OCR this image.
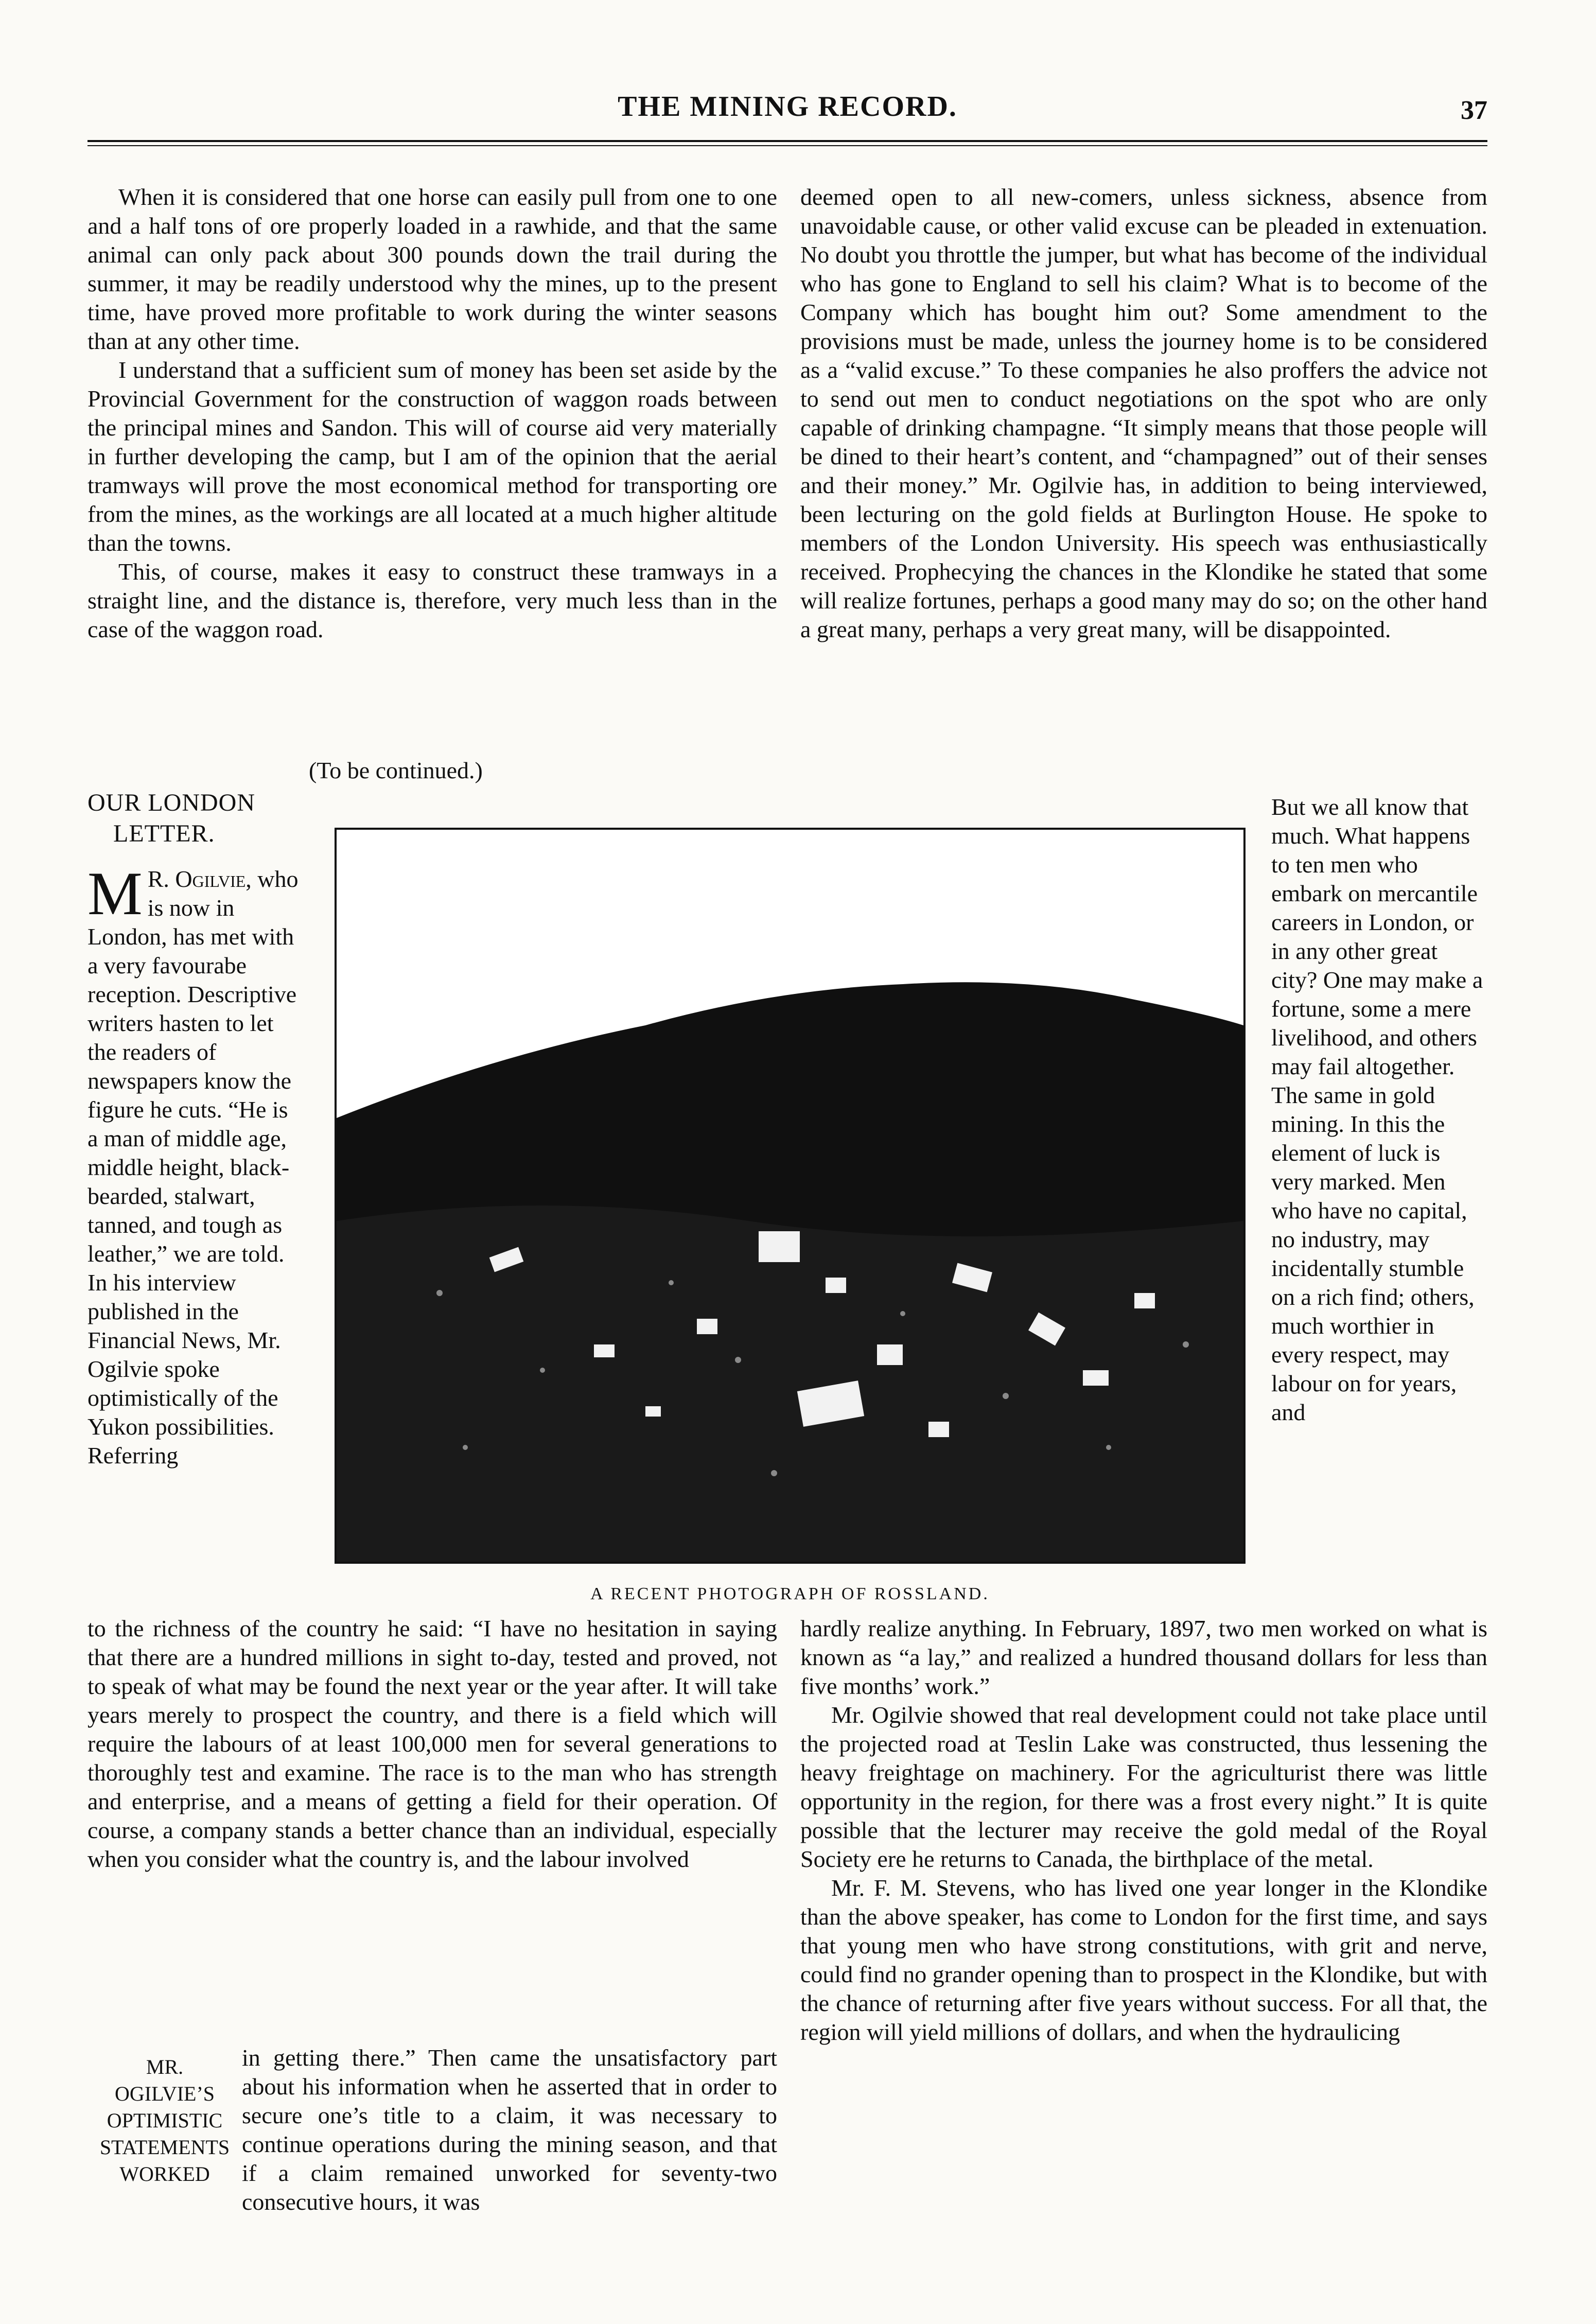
THE MINING RECORD.	37

When it is considered that one horse can easily pull from one to one and a half tons of ore properly loaded in a rawhide, and that the same animal can only pack about 300 pounds down the trail during the summer, it may be readily understood why the mines, up to the present time, have proved more profitable to work during the winter seasons than at any other time.

I understand that a sufficient sum of money has been set aside by the Provincial Government for the construction of waggon roads between the principal mines and Sandon. This will of course aid very materially in further developing the camp, but I am of the opinion that the aerial tramways will prove the most economical method for transporting ore from the mines, as the workings are all located at a much higher altitude than the towns.

This, of course, makes it easy to construct these tramways in a straight line, and the distance is, therefore, very much less than in the case of the waggon road.

(To be continued.)

deemed open to all new-comers, unless sickness, absence from unavoidable cause, or other valid excuse can be pleaded in extenuation. No doubt you throttle the jumper, but what has become of the individual who has gone to England to sell his claim? What is to become of the Company which has bought him out? Some amendment to the provisions must be made, unless the journey home is to be considered as a “valid excuse.” To these companies he also proffers the advice not to send out men to conduct negotiations on the spot who are only capable of drinking champagne. “It simply means that those people will be dined to their heart’s content, and “champagned” out of their senses and their money.” Mr. Ogilvie has, in addition to being interviewed, been lecturing on the gold fields at Burlington House. He spoke to members of the London University. His speech was enthusiastically received. Prophecying the chances in the Klondike he stated that some will realize fortunes, perhaps a good many may do so; on the other hand a great many, perhaps a very great many, will be disappointed.

OUR LONDON
LETTER.
M R. Ogilvie, who is now in London, has met with a very favourabe reception. Descriptive writers hasten to let the readers of newspapers know the figure he cuts. “He is a man of middle age, middle height, black-bearded, stalwart, tanned, and tough as leather,” we are told. In his interview published in the Financial News, Mr. Ogilvie spoke optimistically of the Yukon possibilities. Referring
A RECENT PHOTOGRAPH OF ROSSLAND.

But we all know that much. What happens to ten men who embark on mercantile careers in London, or in any other great city? One may make a fortune, some a mere livelihood, and others may fail altogether. The same in gold mining. In this the element of luck is very marked. Men who have no capital, no industry, may incidentally stumble on a rich find; others, much worthier in every respect, may labour on for years, and

to the richness of the country he said: “I have no hesitation in saying that there are a hundred millions in sight to-day, tested and proved, not to speak of what may be found the next year or the year after. It will take years merely to prospect the country, and there is a field which will require the labours of at least 100,000 men for several generations to thoroughly test and examine. The race is to the man who has strength and enterprise, and a means of getting a field for their operation. Of course, a company stands a better chance than an individual, especially when you consider what the country is, and the labour involved

MR.
OGILVIE’S
OPTIMISTIC
STATEMENTS
WORKED
in getting there.” Then came the unsatisfactory part about his information when he asserted that in order to secure one’s title to a claim, it was necessary to continue operations during the mining season, and that if a claim remained unworked for seventy-two consecutive hours, it was

hardly realize anything. In February, 1897, two men worked on what is known as “a lay,” and realized a hundred thousand dollars for less than five months’ work.”

Mr. Ogilvie showed that real development could not take place until the projected road at Teslin Lake was constructed, thus lessening the heavy freightage on machinery. For the agriculturist there was little opportunity in the region, for there was a frost every night.” It is quite possible that the lecturer may receive the gold medal of the Royal Society ere he returns to Canada, the birthplace of the metal.

Mr. F. M. Stevens, who has lived one year longer in the Klondike than the above speaker, has come to London for the first time, and says that young men who have strong constitutions, with grit and nerve, could find no grander opening than to prospect in the Klondike, but with the chance of returning after five years without success. For all that, the region will yield millions of dollars, and when the hydraulicing
